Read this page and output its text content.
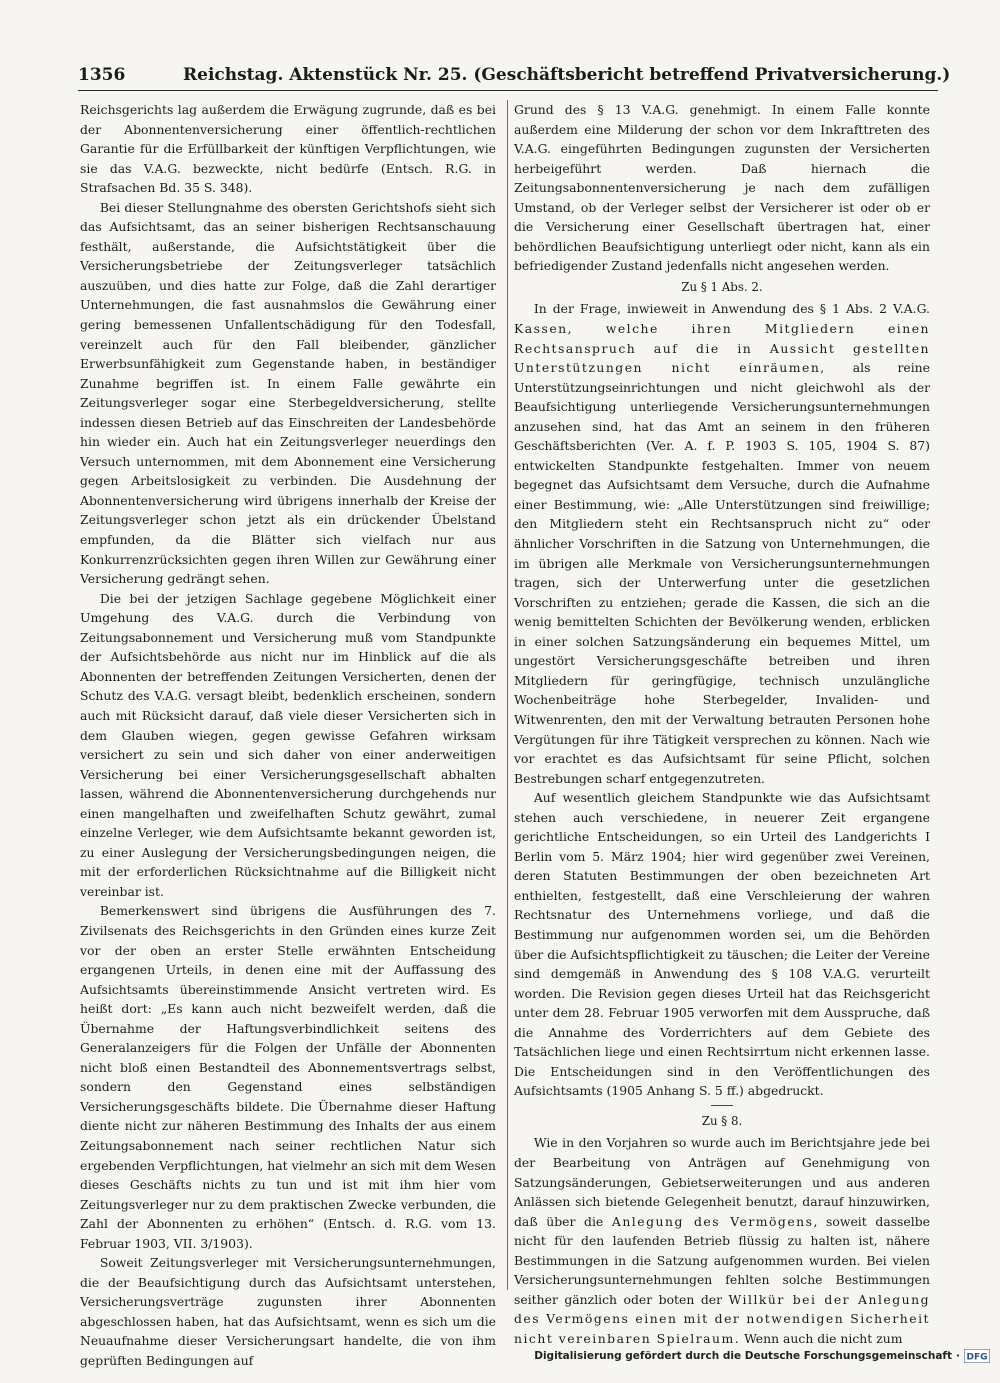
1356	Reichstag. Aktenstück Nr. 25. (Geschäftsbericht betreffend Privatversicherung.)

Reichsgerichts lag außerdem die Erwägung zugrunde, daß es bei der Abonnentenversicherung einer öffentlich-rechtlichen Garantie für die Erfüllbarkeit der künftigen Verpflichtungen, wie sie das V.A.G. bezweckte, nicht bedürfe (Entsch. R.G. in Strafsachen Bd. 35 S. 348).

Bei dieser Stellungnahme des obersten Gerichtshofs sieht sich das Aufsichtsamt, das an seiner bisherigen Rechtsanschauung festhält, außerstande, die Aufsichtstätigkeit über die Versicherungsbetriebe der Zeitungsverleger tatsächlich auszuüben, und dies hatte zur Folge, daß die Zahl derartiger Unternehmungen, die fast ausnahmslos die Gewährung einer gering bemessenen Unfallentschädigung für den Todesfall, vereinzelt auch für den Fall bleibender, gänzlicher Erwerbsunfähigkeit zum Gegenstande haben, in beständiger Zunahme begriffen ist. In einem Falle gewährte ein Zeitungsverleger sogar eine Sterbegeldversicherung, stellte indessen diesen Betrieb auf das Einschreiten der Landesbehörde hin wieder ein. Auch hat ein Zeitungsverleger neuerdings den Versuch unternommen, mit dem Abonnement eine Versicherung gegen Arbeitslosigkeit zu verbinden. Die Ausdehnung der Abonnentenversicherung wird übrigens innerhalb der Kreise der Zeitungsverleger schon jetzt als ein drückender Übelstand empfunden, da die Blätter sich vielfach nur aus Konkurrenzrücksichten gegen ihren Willen zur Gewährung einer Versicherung gedrängt sehen.

Die bei der jetzigen Sachlage gegebene Möglichkeit einer Umgehung des V.A.G. durch die Verbindung von Zeitungsabonnement und Versicherung muß vom Standpunkte der Aufsichtsbehörde aus nicht nur im Hinblick auf die als Abonnenten der betreffenden Zeitungen Versicherten, denen der Schutz des V.A.G. versagt bleibt, bedenklich erscheinen, sondern auch mit Rücksicht darauf, daß viele dieser Versicherten sich in dem Glauben wiegen, gegen gewisse Gefahren wirksam versichert zu sein und sich daher von einer anderweitigen Versicherung bei einer Versicherungsgesellschaft abhalten lassen, während die Abonnentenversicherung durchgehends nur einen mangelhaften und zweifelhaften Schutz gewährt, zumal einzelne Verleger, wie dem Aufsichtsamte bekannt geworden ist, zu einer Auslegung der Versicherungsbedingungen neigen, die mit der erforderlichen Rücksichtnahme auf die Billigkeit nicht vereinbar ist.

Bemerkenswert sind übrigens die Ausführungen des 7. Zivilsenats des Reichsgerichts in den Gründen eines kurze Zeit vor der oben an erster Stelle erwähnten Entscheidung ergangenen Urteils, in denen eine mit der Auffassung des Aufsichtsamts übereinstimmende Ansicht vertreten wird. Es heißt dort: „Es kann auch nicht bezweifelt werden, daß die Übernahme der Haftungsverbindlichkeit seitens des Generalanzeigers für die Folgen der Unfälle der Abonnenten nicht bloß einen Bestandteil des Abonnementsvertrags selbst, sondern den Gegenstand eines selbständigen Versicherungsgeschäfts bildete. Die Übernahme dieser Haftung diente nicht zur näheren Bestimmung des Inhalts der aus einem Zeitungsabonnement nach seiner rechtlichen Natur sich ergebenden Verpflichtungen, hat vielmehr an sich mit dem Wesen dieses Geschäfts nichts zu tun und ist mit ihm hier vom Zeitungsverleger nur zu dem praktischen Zwecke verbunden, die Zahl der Abonnenten zu erhöhen“ (Entsch. d. R.G. vom 13. Februar 1903, VII. 3/1903).

Soweit Zeitungsverleger mit Versicherungsunternehmungen, die der Beaufsichtigung durch das Aufsichtsamt unterstehen, Versicherungsverträge zugunsten ihrer Abonnenten abgeschlossen haben, hat das Aufsichtsamt, wenn es sich um die Neuaufnahme dieser Versicherungsart handelte, die von ihm geprüften Bedingungen auf

Grund des § 13 V.A.G. genehmigt. In einem Falle konnte außerdem eine Milderung der schon vor dem Inkrafttreten des V.A.G. eingeführten Bedingungen zugunsten der Versicherten herbeigeführt werden. Daß hiernach die Zeitungsabonnentenversicherung je nach dem zufälligen Umstand, ob der Verleger selbst der Versicherer ist oder ob er die Versicherung einer Gesellschaft übertragen hat, einer behördlichen Beaufsichtigung unterliegt oder nicht, kann als ein befriedigender Zustand jedenfalls nicht angesehen werden.

Zu § 1 Abs. 2.

In der Frage, inwieweit in Anwendung des § 1 Abs. 2 V.A.G. Kassen, welche ihren Mitgliedern einen Rechtsanspruch auf die in Aussicht gestellten Unterstützungen nicht einräumen, als reine Unterstützungseinrichtungen und nicht gleichwohl als der Beaufsichtigung unterliegende Versicherungsunternehmungen anzusehen sind, hat das Amt an seinem in den früheren Geschäftsberichten (Ver. A. f. P. 1903 S. 105, 1904 S. 87) entwickelten Standpunkte festgehalten. Immer von neuem begegnet das Aufsichtsamt dem Versuche, durch die Aufnahme einer Bestimmung, wie: „Alle Unterstützungen sind freiwillige; den Mitgliedern steht ein Rechtsanspruch nicht zu“ oder ähnlicher Vorschriften in die Satzung von Unternehmungen, die im übrigen alle Merkmale von Versicherungsunternehmungen tragen, sich der Unterwerfung unter die gesetzlichen Vorschriften zu entziehen; gerade die Kassen, die sich an die wenig bemittelten Schichten der Bevölkerung wenden, erblicken in einer solchen Satzungsänderung ein bequemes Mittel, um ungestört Versicherungsgeschäfte betreiben und ihren Mitgliedern für geringfügige, technisch unzulängliche Wochenbeiträge hohe Sterbegelder, Invaliden- und Witwenrenten, den mit der Verwaltung betrauten Personen hohe Vergütungen für ihre Tätigkeit versprechen zu können. Nach wie vor erachtet es das Aufsichtsamt für seine Pflicht, solchen Bestrebungen scharf entgegenzutreten.

Auf wesentlich gleichem Standpunkte wie das Aufsichtsamt stehen auch verschiedene, in neuerer Zeit ergangene gerichtliche Entscheidungen, so ein Urteil des Landgerichts I Berlin vom 5. März 1904; hier wird gegenüber zwei Vereinen, deren Statuten Bestimmungen der oben bezeichneten Art enthielten, festgestellt, daß eine Verschleierung der wahren Rechtsnatur des Unternehmens vorliege, und daß die Bestimmung nur aufgenommen worden sei, um die Behörden über die Aufsichtspflichtigkeit zu täuschen; die Leiter der Vereine sind demgemäß in Anwendung des § 108 V.A.G. verurteilt worden. Die Revision gegen dieses Urteil hat das Reichsgericht unter dem 28. Februar 1905 verworfen mit dem Ausspruche, daß die Annahme des Vorderrichters auf dem Gebiete des Tatsächlichen liege und einen Rechtsirrtum nicht erkennen lasse. Die Entscheidungen sind in den Veröffentlichungen des Aufsichtsamts (1905 Anhang S. 5 ff.) abgedruckt.

Zu § 8.

Wie in den Vorjahren so wurde auch im Berichtsjahre jede bei der Bearbeitung von Anträgen auf Genehmigung von Satzungsänderungen, Gebietserweiterungen und aus anderen Anlässen sich bietende Gelegenheit benutzt, darauf hinzuwirken, daß über die Anlegung des Vermögens, soweit dasselbe nicht für den laufenden Betrieb flüssig zu halten ist, nähere Bestimmungen in die Satzung aufgenommen wurden. Bei vielen Versicherungsunternehmungen fehlten solche Bestimmungen seither gänzlich oder boten der Willkür bei der Anlegung des Vermögens einen mit der notwendigen Sicherheit nicht vereinbaren Spielraum. Wenn auch die nicht zum

Digitalisierung gefördert durch die Deutsche Forschungsgemeinschaft · DFG
